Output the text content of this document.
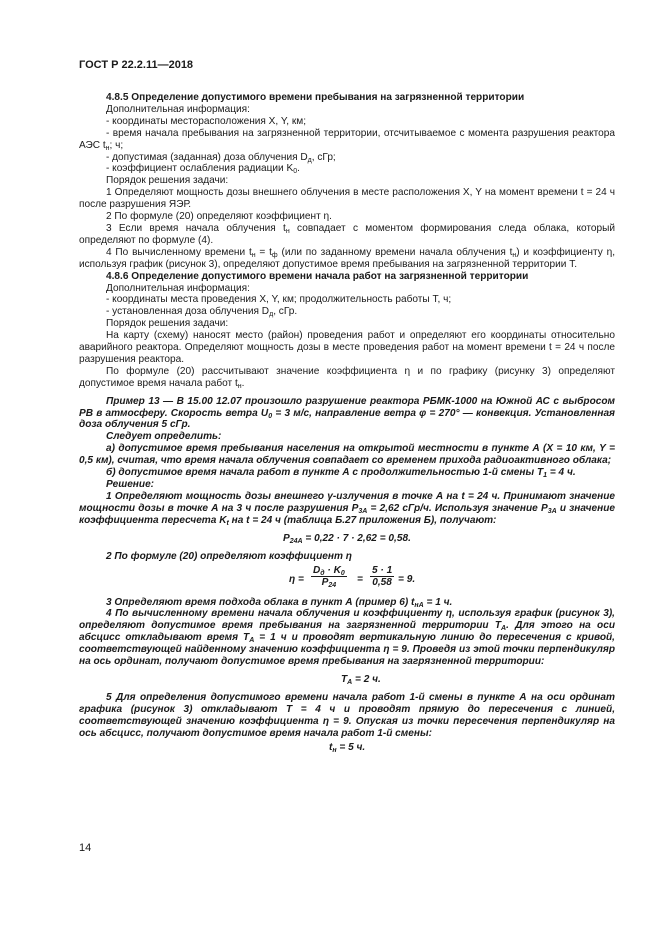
ГОСТ Р 22.2.11—2018

4.8.5 Определение допустимого времени пребывания на загрязненной территории

Дополнительная информация:

- координаты месторасположения X, Y, км;

- время начала пребывания на загрязненной территории, отсчитываемое с момента разрушения реактора АЭС $t_н$; ч;

- допустимая (заданная) доза облучения $D_д$, сГр;

- коэффициент ослабления радиации $K_0$.

Порядок решения задачи:

1 Определяют мощность дозы внешнего облучения в месте расположения X, Y на момент времени t = 24 ч после разрушения ЯЭР.

2 По формуле (20) определяют коэффициент η.

3 Если время начала облучения $t_н$ совпадает с моментом формирования следа облака, который определяют по формуле (4).

4 По вычисленному времени $t_н = t_ф$ (или по заданному времени начала облучения $t_н$) и коэффициенту η, используя график (рисунок 3), определяют допустимое время пребывания на загрязненной территории T.

4.8.6 Определение допустимого времени начала работ на загрязненной территории

Дополнительная информация:

- координаты места проведения X, Y, км; продолжительность работы T, ч;

- установленная доза облучения $D_д$, сГр.

Порядок решения задачи:

На карту (схему) наносят место (район) проведения работ и определяют его координаты относительно аварийного реактора. Определяют мощность дозы в месте проведения работ на момент времени t = 24 ч после разрушения реактора.

По формуле (20) рассчитывают значение коэффициента η и по графику (рисунку 3) определяют допустимое время начала работ $t_н$.

Пример 13 — В 15.00 12.07 произошло разрушение реактора РБМК-1000 на Южной АС с выбросом РВ в атмосферу. Скорость ветра $U_0 = 3$ м/с, направление ветра φ = 270° — конвекция. Установленная доза облучения 5 сГр.

Следует определить:

а) допустимое время пребывания населения на открытой местности в пункте А (X = 10 км, Y = 0,5 км), считая, что время начала облучения совпадает со временем прихода радиоактивного облака;

б) допустимое время начала работ в пункте А с продолжительностью 1-й смены $T_1 = 4$ ч.

Решение:

1 Определяют мощность дозы внешнего γ-излучения в точке А на t = 24 ч. Принимают значение мощности дозы в точке А на 3 ч после разрушения $P_{3A} = 2,62$ сГр/ч. Используя значение $P_{3A}$ и значение коэффициента пересчета $K_t$ на t = 24 ч (таблица Б.27 приложения Б), получают:

$P_{24A} = 0,22 \cdot 7 \cdot 2,62 = 0,58$.

2 По формуле (20) определяют коэффициент η

η =
$D_д \cdot K_0$
$P_{24}$
= $\frac{5 \cdot 1}{0,58} = 9$.

3 Определяют время подхода облака в пункт А (пример 6) $t_{нА} = 1$ ч.

4 По вычисленному времени начала облучения и коэффициенту η, используя график (рисунок 3), определяют допустимое время пребывания на загрязненной территории $T_A$. Для этого на оси абсцисс откладывают время $T_A = 1$ ч и проводят вертикальную линию до пересечения с кривой, соответствующей найденному значению коэффициента η = 9. Проведя из этой точки перпендикуляр на ось ординат, получают допустимое время пребывания на загрязненной территории:

$T_A = 2$ ч.

5 Для определения допустимого времени начала работ 1-й смены в пункте А на оси ординат графика (рисунок 3) откладывают T = 4 ч и проводят прямую до пересечения с линией, соответствующей значению коэффициента η = 9. Опуская из точки пересечения перпендикуляр на ось абсцисс, получают допустимое время начала работ 1-й смены:

$t_н = 5$ ч.
14
